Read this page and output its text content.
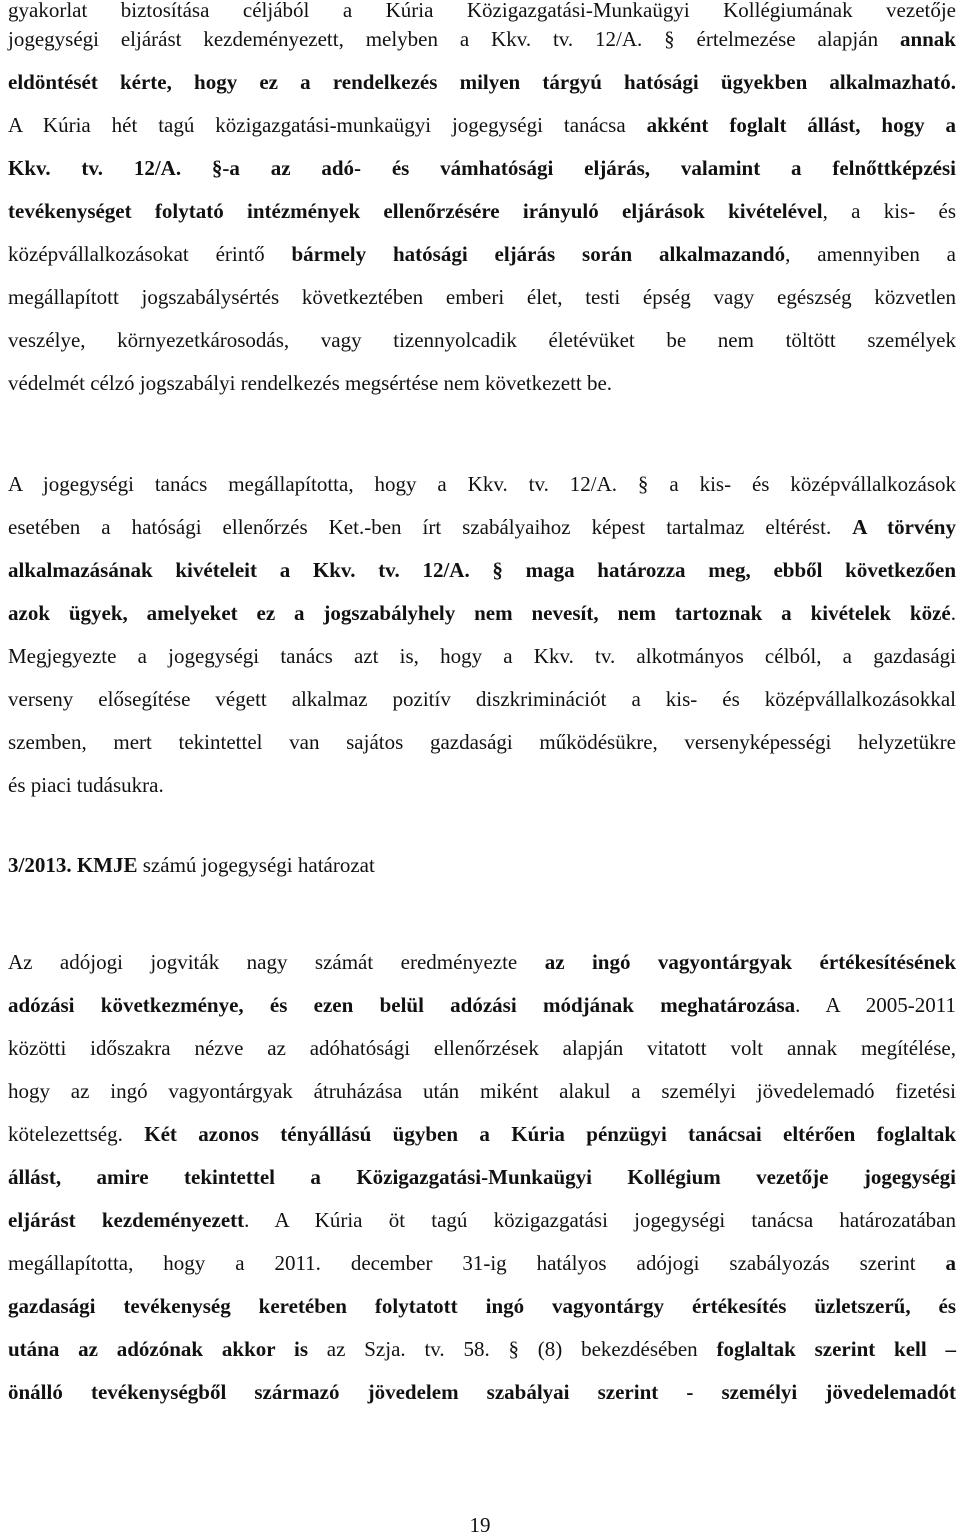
gyakorlat biztosítása céljából a Kúria Közigazgatási-Munkaügyi Kollégiumának vezetője
jogegységi eljárást kezdeményezett, melyben a Kkv. tv. 12/A. § értelmezése alapján annak
eldöntését kérte, hogy ez a rendelkezés milyen tárgyú hatósági ügyekben alkalmazható.
A Kúria hét tagú közigazgatási-munkaügyi jogegységi tanácsa akként foglalt állást, hogy a
Kkv. tv. 12/A. §-a az adó- és vámhatósági eljárás, valamint a felnőttképzési
tevékenységet folytató intézmények ellenőrzésére irányuló eljárások kivételével, a kis- és
középvállalkozásokat érintő bármely hatósági eljárás során alkalmazandó, amennyiben a
megállapított jogszabálysértés következtében emberi élet, testi épség vagy egészség közvetlen
veszélye, környezetkárosodás, vagy tizennyolcadik életévüket be nem töltött személyek
védelmét célzó jogszabályi rendelkezés megsértése nem következett be.
A jogegységi tanács megállapította, hogy a Kkv. tv. 12/A. § a kis- és középvállalkozások
esetében a hatósági ellenőrzés Ket.-ben írt szabályaihoz képest tartalmaz eltérést. A törvény
alkalmazásának kivételeit a Kkv. tv. 12/A. § maga határozza meg, ebből következően
azok ügyek, amelyeket ez a jogszabályhely nem nevesít, nem tartoznak a kivételek közé.
Megjegyezte a jogegységi tanács azt is, hogy a Kkv. tv. alkotmányos célból, a gazdasági
verseny elősegítése végett alkalmaz pozitív diszkriminációt a kis- és középvállalkozásokkal
szemben, mert tekintettel van sajátos gazdasági működésükre, versenyképességi helyzetükre
és piaci tudásukra.
3/2013. KMJE számú jogegységi határozat
Az adójogi jogviták nagy számát eredményezte az ingó vagyontárgyak értékesítésének
adózási következménye, és ezen belül adózási módjának meghatározása. A 2005-2011
közötti időszakra nézve az adóhatósági ellenőrzések alapján vitatott volt annak megítélése,
hogy az ingó vagyontárgyak átruházása után miként alakul a személyi jövedelemadó fizetési
kötelezettség. Két azonos tényállású ügyben a Kúria pénzügyi tanácsai eltérően foglaltak
állást, amire tekintettel a Közigazgatási-Munkaügyi Kollégium vezetője jogegységi
eljárást kezdeményezett. A Kúria öt tagú közigazgatási jogegységi tanácsa határozatában
megállapította, hogy a 2011. december 31-ig hatályos adójogi szabályozás szerint a
gazdasági tevékenység keretében folytatott ingó vagyontárgy értékesítés üzletszerű, és
utána az adózónak akkor is az Szja. tv. 58. § (8) bekezdésében foglaltak szerint kell –
önálló tevékenységből származó jövedelem szabályai szerint - személyi jövedelemadót
19
